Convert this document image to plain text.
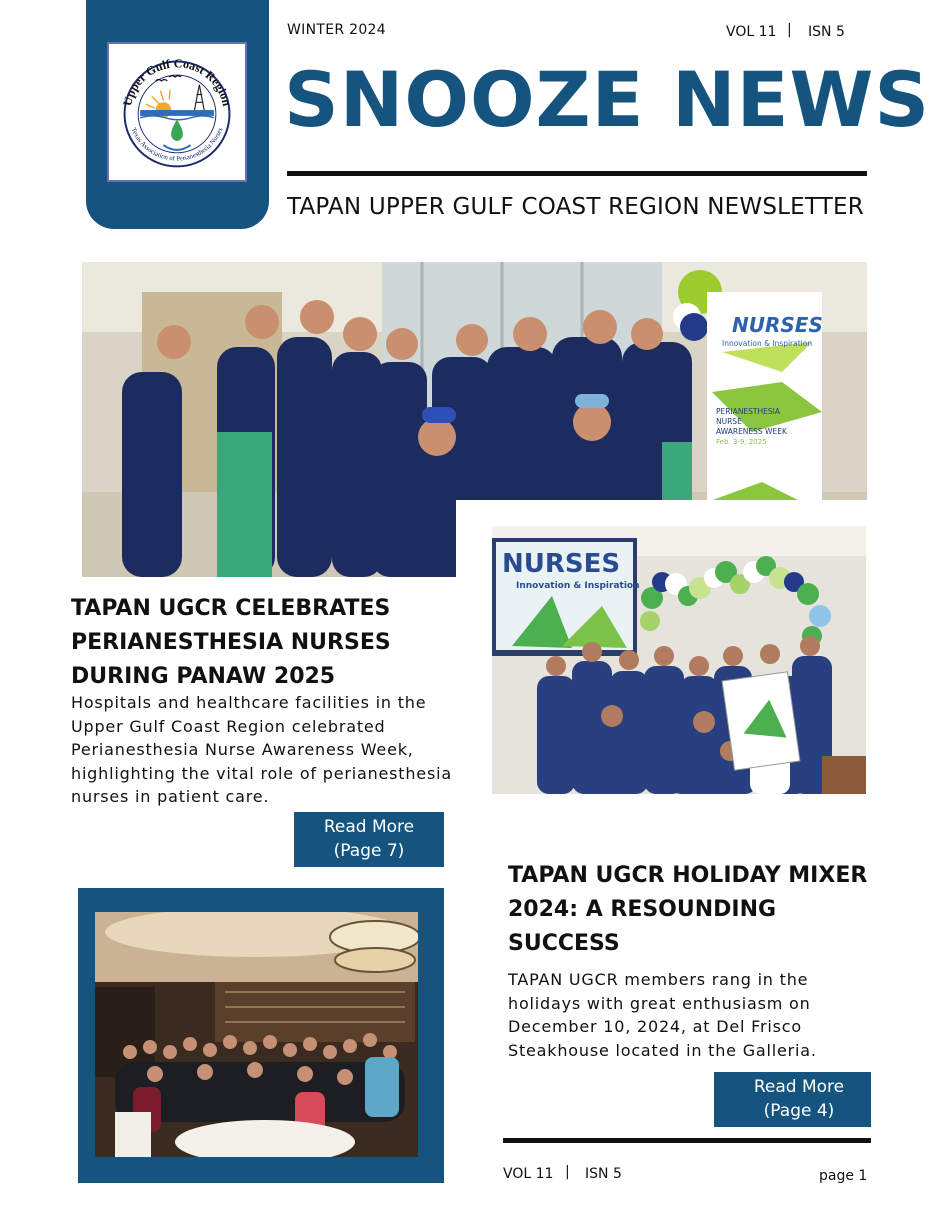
Upper Gulf Coast Region
Texas Association of Perianesthesia Nurses
WINTER 2024	VOL 11 | ISN 5
SNOOZE NEWS
TAPAN UPPER GULF COAST REGION NEWSLETTER
NURSES
Innovation & Inspiration
PERIANESTHESIA
NURSE
AWARENESS WEEK
Feb. 3-9, 2025
NURSES
Innovation & Inspiration
TAPAN UGCR CELEBRATES PERIANESTHESIA NURSES DURING PANAW 2025
Hospitals and healthcare facilities in the Upper Gulf Coast Region celebrated Perianesthesia Nurse Awareness Week, highlighting the vital role of perianesthesia nurses in patient care.
Read More
(Page 7)
TAPAN UGCR HOLIDAY MIXER 2024: A RESOUNDING SUCCESS
TAPAN UGCR members rang in the holidays with great enthusiasm on December 10, 2024, at Del Frisco Steakhouse located in the Galleria.
Read More
(Page 4)
VOL 11 | ISN 5	page 1
